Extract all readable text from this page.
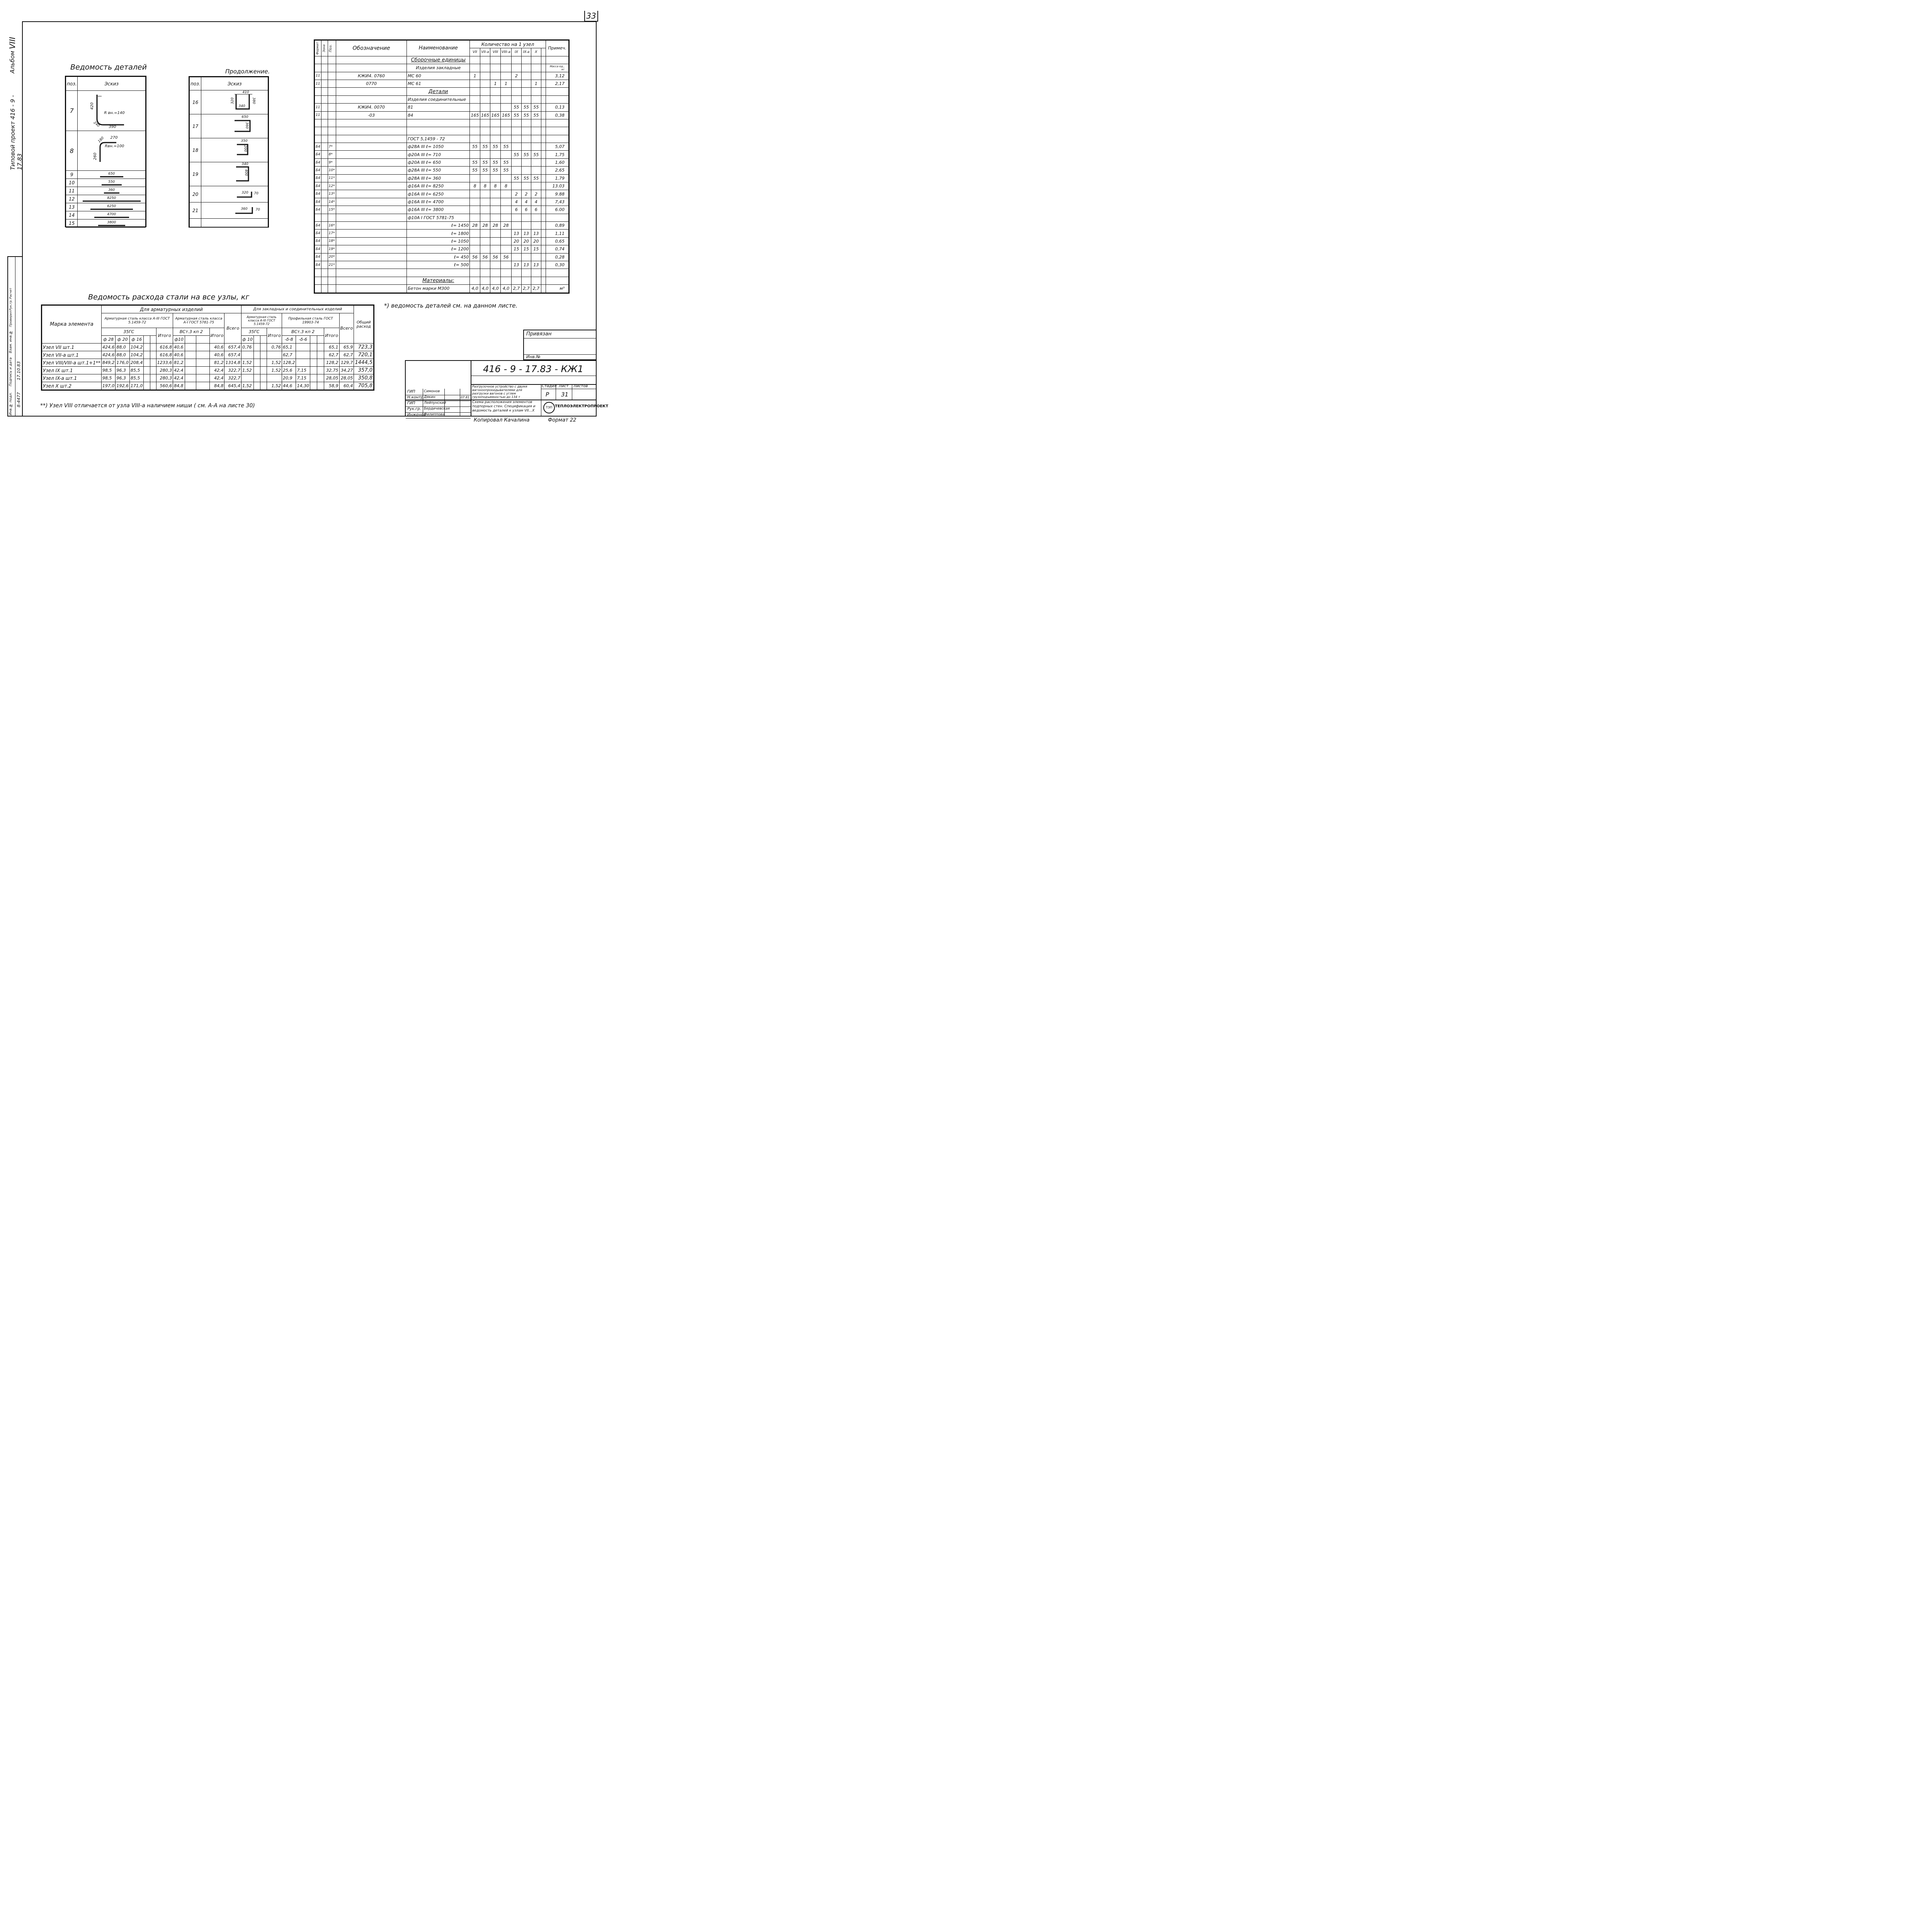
33
Альбом VIII
Типовой проект 416 - 9 - 17.83
Ведомость деталей
поз.	Эскиз
7	420
R вн.=140
240 390

8	270
180
Rвн.=100
260

9	650

10	550

11	360

12	8250

13	6250

14	4700

15	3800
Продолжение.
поз.	Эскиз
16	410
320
340
380

17	650
360

18	350
200

19	340
400

20	320 70

21	360 70

Формат	Зона	Поз.	Обозначение	Наименование	Количество на 1 узел								Примеч.
					VII	VII-a	VIII	VIII-a	IX	IX-a	X		
				Сборочные единицы									
				Изделия закладные									Масса ед., кг
11			КЖИ4. 0760	МС 60	1				2				3,12
11			0770	МС 61			1	1			1		2,17
				Детали									
				Изделия соединительные									
11			КЖИ4. 0070	81					55	55	55		0,13
11			-03	84	165	165	165	165	55	55	55		0,38

				ГОСТ 5,1459 - 72									
Б4		7*		ф28А III ℓ= 1050	55	55	55	55					5,07
Б4		8*		ф20А III ℓ= 710					55	55	55		1,75
Б4		9*		ф20А III ℓ= 650	55	55	55	55					1,60
Б4		10*		ф28А III ℓ= 550	55	55	55	55					2,65
Б4		11*		ф28А III ℓ= 360					55	55	55		1,79
Б4		12*		ф16А III ℓ= 8250	8	8	8	8					13.03
Б4		13*		ф16А III ℓ= 6250					2	2	2		9.88
Б4		14*		ф16А III ℓ= 4700					4	4	4		7,43
Б4		15*		ф16А III ℓ= 3800					6	6	6		6.00
				ф10А I ГОСТ 5781-75									
Б4		16*		ℓ= 1450	28	28	28	28					0,89
Б4		17*		ℓ= 1800					13	13	13		1,11
Б4		18*		ℓ= 1050					20	20	20		0,65
Б4		19*		ℓ= 1200					15	15	15		0,74
Б4		20*		ℓ= 450	56	56	56	56					0,28
Б4		21*		ℓ= 500					13	13	13		0,30

				Материалы:									
				Бетон марки М300	4,0	4,0	4,0	4,0	2,7	2,7	2,7		м³
*) ведомость деталей см. на данном листе.
Ведомость расхода стали на все узлы, кг
Марка элемента	Для арматурных изделий											Для закладных и соединительных изделий										Общий расход
	Арматурная сталь класса А-III ГОСТ 5.1459-72						Арматурная сталь класса А-I ГОСТ 5781-75				Всего	Арматурная сталь класса А-III ГОСТ 5.1459-72				Профильная сталь ГОСТ 19903-74					Всего	
	35ГС					Итого	ВСт.3 кп 2			Итого		35ГС			Итого	ВСт.3 кп 2				Итого		
	ф 28	ф 20	ф 16				ф10					ф 10				-δ-8	-δ-6					
Узел VII шт.1	424,6	88,0	104,2			616,8	40,6			40,6	657,4	0,76			0,76	65,1				65,1	65,9	723,3
Узел VII-а шт.1	424,6	88,0	104,2			616,8	40,6			40,6	657,4					62,7				62,7	62,7	720,1
Узел VIII/VIII-а шт.1+1**	849,2	176,0	208,4			1233,6	81,2			81,2	1314,8	1,52			1,52	128,2				128,2	129,7	1444,5
Узел IX шт.1	98,5	96,3	85,5			280,3	42,4			42,4	322,7	1,52			1,52	25,6	7,15			32,75	34,27	357,0
Узел IX-а шт.1	98,5	96,3	85,5			280,3	42,4			42,4	322,7					20,9	7,15			28,05	28,05	350,8
Узел X шт.2	197,0	192,6	171,0			560,6	84,8			84,8	645,4	1,52			1,52	44,6	14,30			58,9	60,4	705,8
**) Узел VIII отличается от узла VIII-а наличием ниши ( см. А-А на листе 30)
Привязан
Инв.№
416 - 9 - 17.83 - КЖ1
Разгрузочное устройство с двумя вагоноопрокидывателями для разгрузки вагонов с углем грузоподъемностью до 134 т
Схема расположения элементов подпорных стен. Спецификация и ведомость деталей к узлам VII...X
Стадия Лист Листов
Р 31
ТЭП ТЕПЛОЭЛЕКТРОПРОЕКТ
ГИП Симонов
Н.контр Дякин
ГИП Лейпунский
Рук.гр. Бердичевская
Инженер
Филиппова
07.81
Копировал Качалина	Формат 22
Инв.№ подл.
Подпись и дата
Взам. инв.№
Проверил
Рук.гр.
Расчет
8-4477
17.10.83
